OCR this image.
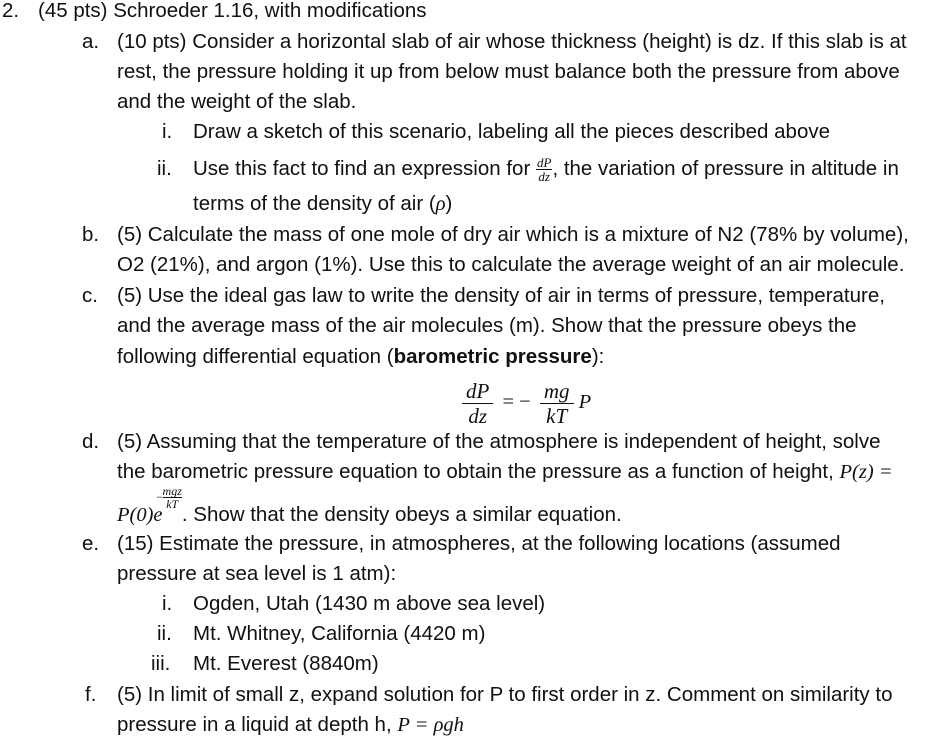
2. (45 pts) Schroeder 1.16, with modifications
a. (10 pts) Consider a horizontal slab of air whose thickness (height) is dz. If this slab is at
rest, the pressure holding it up from below must balance both the pressure from above
and the weight of the slab.
i. Draw a sketch of this scenario, labeling all the pieces described above
ii. Use this fact to find an expression for $\frac{dP}{dz}$ , the variation of pressure in altitude in
terms of the density of air (ρ)
b. (5) Calculate the mass of one mole of dry air which is a mixture of N2 (78% by volume),
O2 (21%), and argon (1%). Use this to calculate the average weight of an air molecule.
c. (5) Use the ideal gas law to write the density of air in terms of pressure, temperature,
and the average mass of the air molecules (m). Show that the pressure obeys the
following differential equation (barometric pressure):
$\frac{dP}{dz}$ = − $\frac{mg}{kT}$ P
d. (5) Assuming that the temperature of the atmosphere is independent of height, solve
the barometric pressure equation to obtain the pressure as a function of height, P(z) =
P(0)e
−
mgz
kT . Show that the density obeys a similar equation.
e. (15) Estimate the pressure, in atmospheres, at the following locations (assumed
pressure at sea level is 1 atm):
i. Ogden, Utah (1430 m above sea level)
ii. Mt. Whitney, California (4420 m)
iii. Mt. Everest (8840m)
f. (5) In limit of small z, expand solution for P to first order in z. Comment on similarity to
pressure in a liquid at depth h, P = ρgh
